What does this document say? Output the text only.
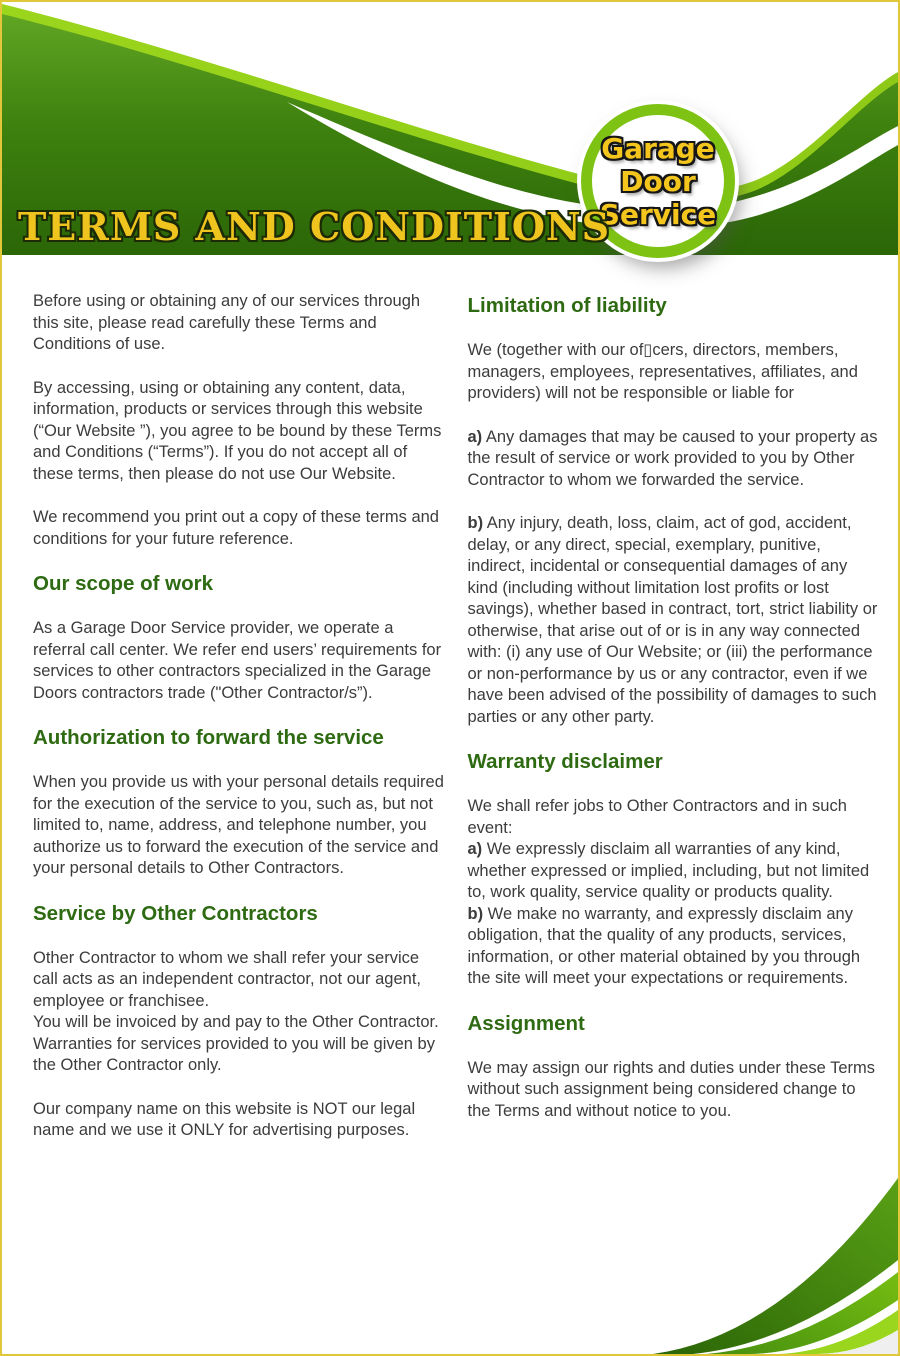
TERMS AND CONDITIONS
Garage
Door
Service

Before using or obtaining any of our services through this site, please read carefully these Terms and Conditions of use.

By accessing, using or obtaining any content, data, information, products or services through this website (“Our Website ”), you agree to be bound by these Terms and Conditions (“Terms”). If you do not accept all of these terms, then please do not use Our Website.

We recommend you print out a copy of these terms and conditions for your future reference.

Our scope of work

As a Garage Door Service provider, we operate a referral call center. We refer end users’ requirements for services to other contractors specialized in the Garage Doors contractors trade ("Other Contractor/s”).

Authorization to forward the service

When you provide us with your personal details required for the execution of the service to you, such as, but not limited to, name, address, and telephone number, you authorize us to forward the execution of the service and your personal details to Other Contractors.

Service by Other Contractors
Other Contractor to whom we shall refer your service call acts as an independent contractor, not our agent, employee or franchisee.
You will be invoiced by and pay to the Other Contractor.
Warranties for services provided to you will be given by the Other Contractor only.

Our company name on this website is NOT our legal name and we use it ONLY for advertising purposes.

Limitation of liability

We (together with our of▯cers, directors, members, managers, employees, representatives, affiliates, and providers) will not be responsible or liable for

a) Any damages that may be caused to your property as the result of service or work provided to you by Other Contractor to whom we forwarded the service.

b) Any injury, death, loss, claim, act of god, accident, delay, or any direct, special, exemplary, punitive, indirect, incidental or consequential damages of any kind (including without limitation lost profits or lost savings), whether based in contract, tort, strict liability or otherwise, that arise out of or is in any way connected with: (i) any use of Our Website; or (iii) the performance or non-performance by us or any contractor, even if we have been advised of the possibility of damages to such parties or any other party.

Warranty disclaimer
We shall refer jobs to Other Contractors and in such event:
a) We expressly disclaim all warranties of any kind, whether expressed or implied, including, but not limited to, work quality, service quality or products quality.
b) We make no warranty, and expressly disclaim any obligation, that the quality of any products, services, information, or other material obtained by you through the site will meet your expectations or requirements.
Assignment

We may assign our rights and duties under these Terms without such assignment being considered change to the Terms and without notice to you.
